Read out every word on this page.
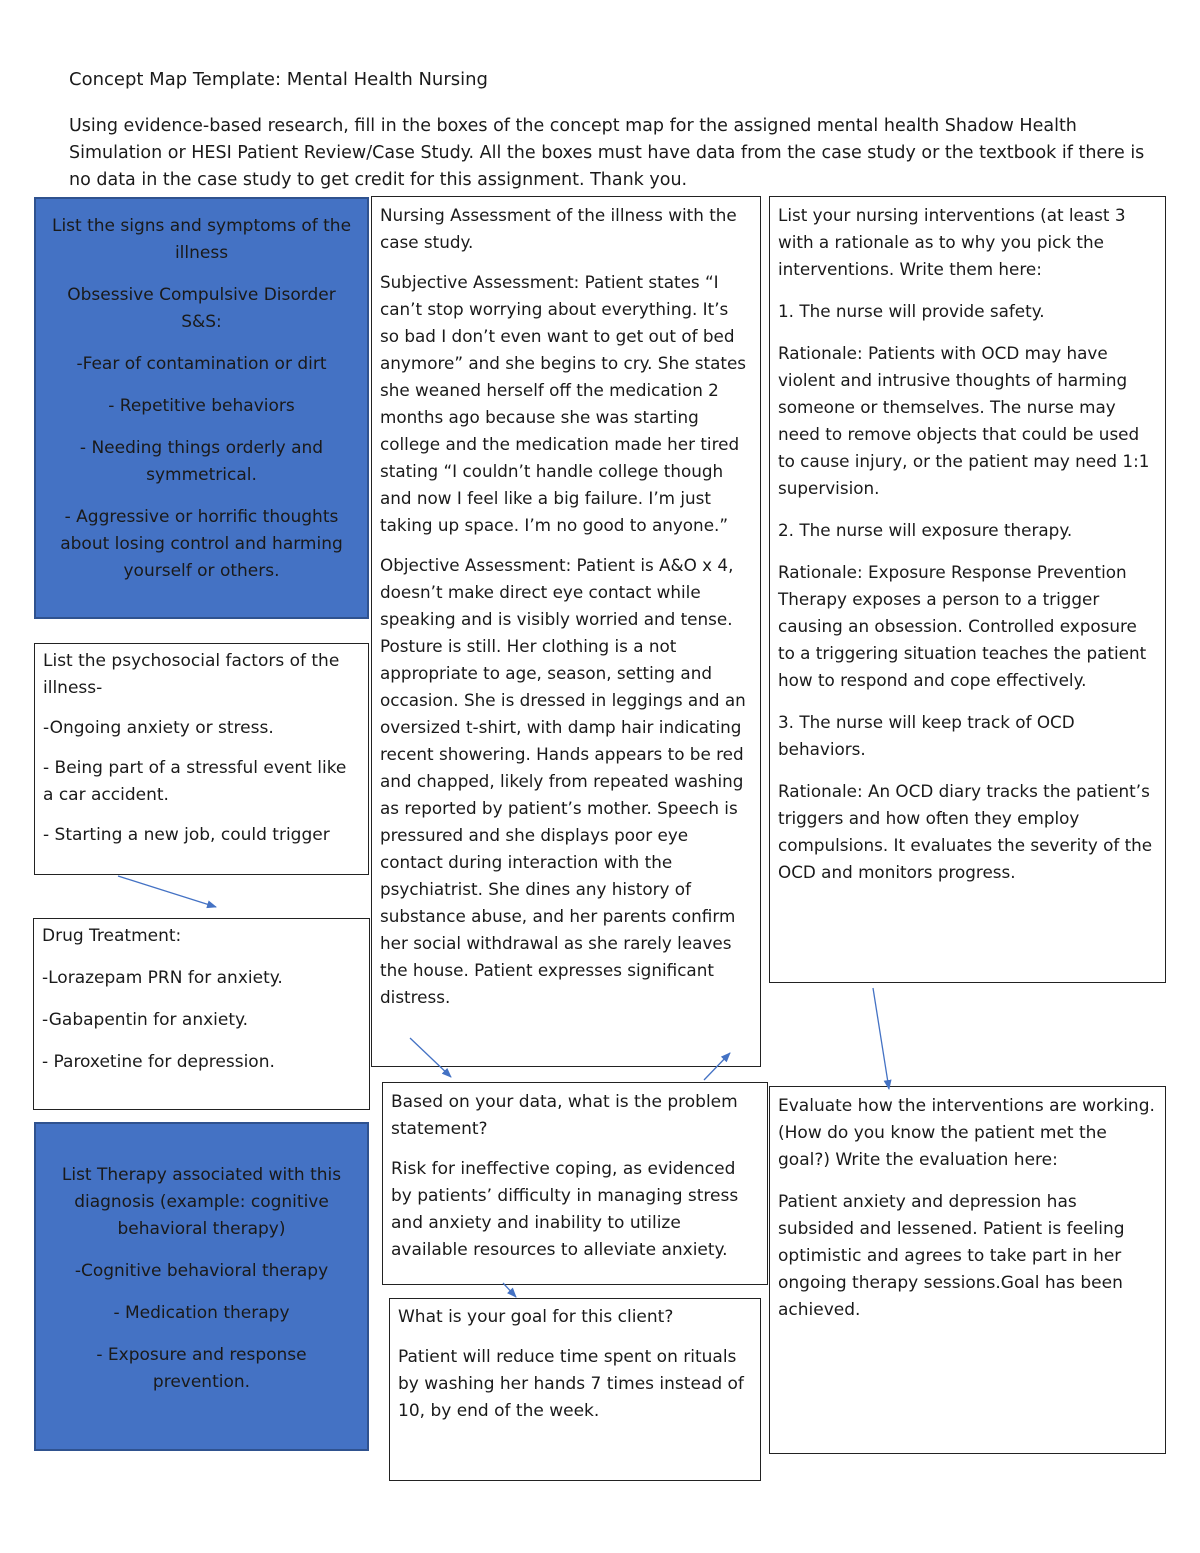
Concept Map Template: Mental Health Nursing
Using evidence-based research, fill in the boxes of the concept map for the assigned mental health Shadow Health Simulation or HESI Patient Review/Case Study. All the boxes must have data from the case study or the textbook if there is no data in the case study to get credit for this assignment. Thank you.

List the signs and symptoms of the illness

Obsessive Compulsive Disorder S&S:

-Fear of contamination or dirt

- Repetitive behaviors

- Needing things orderly and symmetrical.

- Aggressive or horrific thoughts about losing control and harming yourself or others.

List the psychosocial factors of the illness-

-Ongoing anxiety or stress.

- Being part of a stressful event like a car accident.

- Starting a new job, could trigger

Drug Treatment:

-Lorazepam PRN for anxiety.

-Gabapentin for anxiety.

- Paroxetine for depression.

List Therapy associated with this diagnosis (example: cognitive behavioral therapy)

-Cognitive behavioral therapy

- Medication therapy

- Exposure and response prevention.

Nursing Assessment of the illness with the case study.

Subjective Assessment: Patient states “I can’t stop worrying about everything. It’s so bad I don’t even want to get out of bed anymore” and she begins to cry. She states she weaned herself off the medication 2 months ago because she was starting college and the medication made her tired stating “I couldn’t handle college though and now I feel like a big failure. I’m just taking up space. I’m no good to anyone.”

Objective Assessment: Patient is A&O x 4, doesn’t make direct eye contact while speaking and is visibly worried and tense. Posture is still. Her clothing is a not appropriate to age, season, setting and occasion. She is dressed in leggings and an oversized t-shirt, with damp hair indicating recent showering. Hands appears to be red and chapped, likely from repeated washing as reported by patient’s mother. Speech is pressured and she displays poor eye contact during interaction with the psychiatrist. She dines any history of substance abuse, and her parents confirm her social withdrawal as she rarely leaves the house. Patient expresses significant distress.

Based on your data, what is the problem statement?

Risk for ineffective coping, as evidenced by patients’ difficulty in managing stress and anxiety and inability to utilize available resources to alleviate anxiety.

What is your goal for this client?

Patient will reduce time spent on rituals by washing her hands 7 times instead of 10, by end of the week.

List your nursing interventions (at least 3 with a rationale as to why you pick the interventions. Write them here:

1. The nurse will provide safety.

Rationale: Patients with OCD may have violent and intrusive thoughts of harming someone or themselves. The nurse may need to remove objects that could be used to cause injury, or the patient may need 1:1 supervision.

2. The nurse will exposure therapy.

Rationale: Exposure Response Prevention Therapy exposes a person to a trigger causing an obsession. Controlled exposure to a triggering situation teaches the patient how to respond and cope effectively.

3. The nurse will keep track of OCD behaviors.

Rationale: An OCD diary tracks the patient’s triggers and how often they employ compulsions. It evaluates the severity of the OCD and monitors progress.

Evaluate how the interventions are working. (How do you know the patient met the goal?) Write the evaluation here:

Patient anxiety and depression has subsided and lessened. Patient is feeling optimistic and agrees to take part in her ongoing therapy sessions.Goal has been achieved.
